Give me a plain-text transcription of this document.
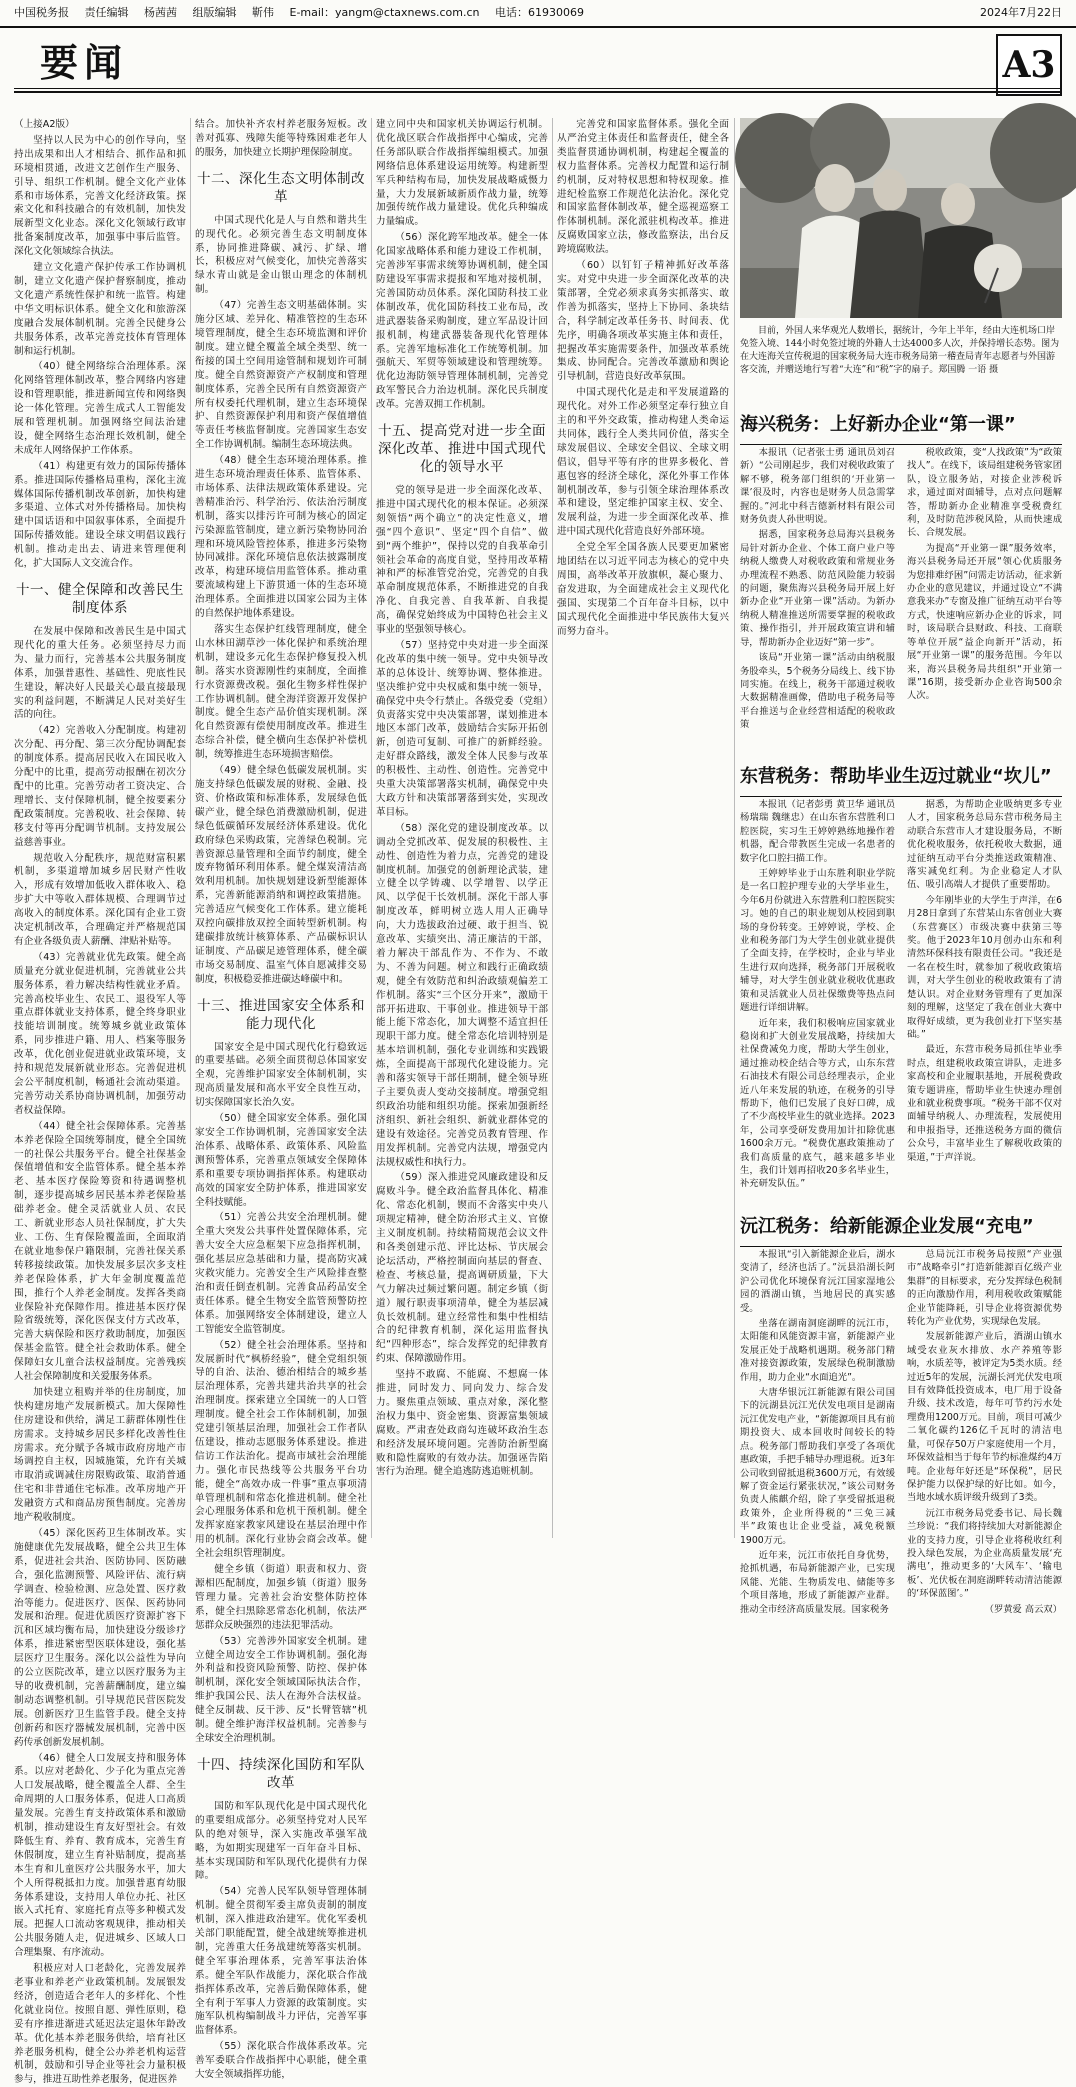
中国税务报 责任编辑 杨茜茜 组版编辑 靳伟 E-mail：yangm@ctaxnews.com.cn 电话：61930069	2024年7月22日
要闻	A3

（上接A2版）

坚持以人民为中心的创作导向，坚持出成果和出人才相结合、抓作品和抓环境相贯通，改进文艺创作生产服务、引导、组织工作机制。健全文化产业体系和市场体系，完善文化经济政策。探索文化和科技融合的有效机制，加快发展新型文化业态。深化文化领域行政审批备案制度改革，加强事中事后监管。深化文化领域综合执法。

建立文化遗产保护传承工作协调机制，建立文化遗产保护督察制度，推动文化遗产系统性保护和统一监管。构建中华文明标识体系。健全文化和旅游深度融合发展体制机制。完善全民健身公共服务体系，改革完善竞技体育管理体制和运行机制。

（40）健全网络综合治理体系。深化网络管理体制改革，整合网络内容建设和管理职能，推进新闻宣传和网络舆论一体化管理。完善生成式人工智能发展和管理机制。加强网络空间法治建设，健全网络生态治理长效机制，健全未成年人网络保护工作体系。

（41）构建更有效力的国际传播体系。推进国际传播格局重构，深化主流媒体国际传播机制改革创新，加快构建多渠道、立体式对外传播格局。加快构建中国话语和中国叙事体系，全面提升国际传播效能。建设全球文明倡议践行机制。推动走出去、请进来管理便利化，扩大国际人文交流合作。

十一、健全保障和改善民生制度体系

在发展中保障和改善民生是中国式现代化的重大任务。必须坚持尽力而为、量力而行，完善基本公共服务制度体系，加强普惠性、基础性、兜底性民生建设，解决好人民最关心最直接最现实的利益问题，不断满足人民对美好生活的向往。

（42）完善收入分配制度。构建初次分配、再分配、第三次分配协调配套的制度体系。提高居民收入在国民收入分配中的比重，提高劳动报酬在初次分配中的比重。完善劳动者工资决定、合理增长、支付保障机制，健全按要素分配政策制度。完善税收、社会保障、转移支付等再分配调节机制。支持发展公益慈善事业。

规范收入分配秩序，规范财富积累机制，多渠道增加城乡居民财产性收入，形成有效增加低收入群体收入、稳步扩大中等收入群体规模、合理调节过高收入的制度体系。深化国有企业工资决定机制改革，合理确定并严格规范国有企业各级负责人薪酬、津贴补贴等。

（43）完善就业优先政策。健全高质量充分就业促进机制，完善就业公共服务体系，着力解决结构性就业矛盾。完善高校毕业生、农民工、退役军人等重点群体就业支持体系，健全终身职业技能培训制度。统筹城乡就业政策体系，同步推进户籍、用人、档案等服务改革，优化创业促进就业政策环境，支持和规范发展新就业形态。完善促进机会公平制度机制，畅通社会流动渠道。完善劳动关系协商协调机制，加强劳动者权益保障。

（44）健全社会保障体系。完善基本养老保险全国统筹制度，健全全国统一的社保公共服务平台。健全社保基金保值增值和安全监管体系。健全基本养老、基本医疗保险筹资和待遇调整机制，逐步提高城乡居民基本养老保险基础养老金。健全灵活就业人员、农民工、新就业形态人员社保制度，扩大失业、工伤、生育保险覆盖面，全面取消在就业地参保户籍限制，完善社保关系转移接续政策。加快发展多层次多支柱养老保险体系，扩大年金制度覆盖范围，推行个人养老金制度。发挥各类商业保险补充保障作用。推进基本医疗保险省级统筹，深化医保支付方式改革，完善大病保险和医疗救助制度，加强医保基金监管。健全社会救助体系。健全保障妇女儿童合法权益制度。完善残疾人社会保障制度和关爱服务体系。

加快建立租购并举的住房制度，加快构建房地产发展新模式。加大保障性住房建设和供给，满足工薪群体刚性住房需求。支持城乡居民多样化改善性住房需求。充分赋予各城市政府房地产市场调控自主权，因城施策，允许有关城市取消或调减住房限购政策、取消普通住宅和非普通住宅标准。改革房地产开发融资方式和商品房预售制度。完善房地产税收制度。

（45）深化医药卫生体制改革。实施健康优先发展战略，健全公共卫生体系，促进社会共治、医防协同、医防融合，强化监测预警、风险评估、流行病学调查、检验检测、应急处置、医疗救治等能力。促进医疗、医保、医药协同发展和治理。促进优质医疗资源扩容下沉和区域均衡布局，加快建设分级诊疗体系，推进紧密型医联体建设，强化基层医疗卫生服务。深化以公益性为导向的公立医院改革，建立以医疗服务为主导的收费机制，完善薪酬制度，建立编制动态调整机制。引导规范民营医院发展。创新医疗卫生监管手段。健全支持创新药和医疗器械发展机制，完善中医药传承创新发展机制。

（46）健全人口发展支持和服务体系。以应对老龄化、少子化为重点完善人口发展战略，健全覆盖全人群、全生命周期的人口服务体系，促进人口高质量发展。完善生育支持政策体系和激励机制，推动建设生育友好型社会。有效降低生育、养育、教育成本，完善生育休假制度，建立生育补贴制度，提高基本生育和儿童医疗公共服务水平，加大个人所得税抵扣力度。加强普惠育幼服务体系建设，支持用人单位办托、社区嵌入式托育、家庭托育点等多种模式发展。把握人口流动客观规律，推动相关公共服务随人走，促进城乡、区域人口合理集聚、有序流动。

积极应对人口老龄化，完善发展养老事业和养老产业政策机制。发展银发经济，创造适合老年人的多样化、个性化就业岗位。按照自愿、弹性原则，稳妥有序推进渐进式延迟法定退休年龄改革。优化基本养老服务供给，培育社区养老服务机构，健全公办养老机构运营机制，鼓励和引导企业等社会力量积极参与，推进互助性养老服务，促进医养

结合。加快补齐农村养老服务短板。改善对孤寡、残障失能等特殊困难老年人的服务，加快建立长期护理保险制度。

十二、深化生态文明体制改革

中国式现代化是人与自然和谐共生的现代化。必须完善生态文明制度体系，协同推进降碳、减污、扩绿、增长，积极应对气候变化，加快完善落实绿水青山就是金山银山理念的体制机制。

（47）完善生态文明基础体制。实施分区域、差异化、精准管控的生态环境管理制度，健全生态环境监测和评价制度。建立健全覆盖全域全类型、统一衔接的国土空间用途管制和规划许可制度。健全自然资源资产产权制度和管理制度体系，完善全民所有自然资源资产所有权委托代理机制，建立生态环境保护、自然资源保护利用和资产保值增值等责任考核监督制度。完善国家生态安全工作协调机制。编制生态环境法典。

（48）健全生态环境治理体系。推进生态环境治理责任体系、监管体系、市场体系、法律法规政策体系建设。完善精准治污、科学治污、依法治污制度机制，落实以排污许可制为核心的固定污染源监管制度，建立新污染物协同治理和环境风险管控体系，推进多污染物协同减排。深化环境信息依法披露制度改革，构建环境信用监管体系。推动重要流域构建上下游贯通一体的生态环境治理体系。全面推进以国家公园为主体的自然保护地体系建设。

落实生态保护红线管理制度，健全山水林田湖草沙一体化保护和系统治理机制，建设多元化生态保护修复投入机制。落实水资源刚性约束制度，全面推行水资源费改税。强化生物多样性保护工作协调机制。健全海洋资源开发保护制度。健全生态产品价值实现机制。深化自然资源有偿使用制度改革。推进生态综合补偿，健全横向生态保护补偿机制，统筹推进生态环境损害赔偿。

（49）健全绿色低碳发展机制。实施支持绿色低碳发展的财税、金融、投资、价格政策和标准体系，发展绿色低碳产业，健全绿色消费激励机制，促进绿色低碳循环发展经济体系建设。优化政府绿色采购政策，完善绿色税制。完善资源总量管理和全面节约制度，健全废弃物循环利用体系。健全煤炭清洁高效利用机制。加快规划建设新型能源体系，完善新能源消纳和调控政策措施。完善适应气候变化工作体系。建立能耗双控向碳排放双控全面转型新机制。构建碳排放统计核算体系、产品碳标识认证制度、产品碳足迹管理体系，健全碳市场交易制度、温室气体自愿减排交易制度，积极稳妥推进碳达峰碳中和。

十三、推进国家安全体系和能力现代化

国家安全是中国式现代化行稳致远的重要基础。必须全面贯彻总体国家安全观，完善维护国家安全体制机制，实现高质量发展和高水平安全良性互动，切实保障国家长治久安。

（50）健全国家安全体系。强化国家安全工作协调机制，完善国家安全法治体系、战略体系、政策体系、风险监测预警体系，完善重点领域安全保障体系和重要专项协调指挥体系。构建联动高效的国家安全防护体系，推进国家安全科技赋能。

（51）完善公共安全治理机制。健全重大突发公共事件处置保障体系，完善大安全大应急框架下应急指挥机制，强化基层应急基础和力量，提高防灾减灾救灾能力。完善安全生产风险排查整治和责任倒查机制。完善食品药品安全责任体系。健全生物安全监管预警防控体系。加强网络安全体制建设，建立人工智能安全监管制度。

（52）健全社会治理体系。坚持和发展新时代“枫桥经验”，健全党组织领导的自治、法治、德治相结合的城乡基层治理体系，完善共建共治共享的社会治理制度。探索建立全国统一的人口管理制度。健全社会工作体制机制，加强党建引领基层治理，加强社会工作者队伍建设，推动志愿服务体系建设。推进信访工作法治化。提高市域社会治理能力。强化市民热线等公共服务平台功能，健全“高效办成一件事”重点事项清单管理机制和常态化推进机制。健全社会心理服务体系和危机干预机制。健全发挥家庭家教家风建设在基层治理中作用的机制。深化行业协会商会改革。健全社会组织管理制度。

健全乡镇（街道）职责和权力、资源相匹配制度，加强乡镇（街道）服务管理力量。完善社会治安整体防控体系，健全扫黑除恶常态化机制，依法严惩群众反映强烈的违法犯罪活动。

（53）完善涉外国家安全机制。建立健全周边安全工作协调机制。强化海外利益和投资风险预警、防控、保护体制机制，深化安全领域国际执法合作，维护我国公民、法人在海外合法权益。健全反制裁、反干涉、反“长臂管辖”机制。健全维护海洋权益机制。完善参与全球安全治理机制。

十四、持续深化国防和军队改革

国防和军队现代化是中国式现代化的重要组成部分。必须坚持党对人民军队的绝对领导，深入实施改革强军战略，为如期实现建军一百年奋斗目标、基本实现国防和军队现代化提供有力保障。

（54）完善人民军队领导管理体制机制。健全贯彻军委主席负责制的制度机制，深入推进政治建军。优化军委机关部门职能配置，健全战建统筹推进机制，完善重大任务战建统筹落实机制。健全军事治理体系，完善军事法治体系。健全军队作战能力，深化联合作战指挥体系改革，完善后勤保障体系，健全有利于军事人力资源的政策制度。实施军队机构编制战斗力评估，完善军事监督体系。

（55）深化联合作战体系改革。完善军委联合作战指挥中心职能，健全重大安全领域指挥功能，

建立同中央和国家机关协调运行机制。优化战区联合作战指挥中心编成，完善任务部队联合作战指挥编组模式。加强网络信息体系建设运用统筹。构建新型军兵种结构布局，加快发展战略威慑力量，大力发展新域新质作战力量，统筹加强传统作战力量建设。优化兵种编成力量编成。

（56）深化跨军地改革。健全一体化国家战略体系和能力建设工作机制，完善涉军事需求统筹协调机制，健全国防建设军事需求提报和军地对接机制，完善国防动员体系。深化国防科技工业体制改革，优化国防科技工业布局，改进武器装备采购制度，建立军品设计回报机制，构建武器装备现代化管理体系。完善军地标准化工作统筹机制。加强航天、军贸等领域建设和管理统筹。优化边海防领导管理体制机制，完善党政军警民合力治边机制。深化民兵制度改革。完善双拥工作机制。

十五、提高党对进一步全面深化改革、推进中国式现代化的领导水平

党的领导是进一步全面深化改革、推进中国式现代化的根本保证。必须深刻领悟“两个确立”的决定性意义，增强“四个意识”、坚定“四个自信”、做到“两个维护”，保持以党的自我革命引领社会革命的高度自觉，坚持用改革精神和严的标准管党治党，完善党的自我革命制度规范体系，不断推进党的自我净化、自我完善、自我革新、自我提高，确保党始终成为中国特色社会主义事业的坚强领导核心。

（57）坚持党中央对进一步全面深化改革的集中统一领导。党中央领导改革的总体设计、统筹协调、整体推进。坚决维护党中央权威和集中统一领导，确保党中央令行禁止。各级党委（党组）负责落实党中央决策部署，谋划推进本地区本部门改革，鼓励结合实际开拓创新，创造可复制、可推广的新鲜经验。走好群众路线，激发全体人民参与改革的积极性、主动性、创造性。完善党中央重大决策部署落实机制，确保党中央大政方针和决策部署落到实处，实现改革目标。

（58）深化党的建设制度改革。以调动全党抓改革、促发展的积极性、主动性、创造性为着力点，完善党的建设制度机制。加强党的创新理论武装，建立健全以学铸魂、以学增智、以学正风、以学促干长效机制。深化干部人事制度改革，鲜明树立选人用人正确导向，大力选拔政治过硬、敢于担当、锐意改革、实绩突出、清正廉洁的干部，着力解决干部乱作为、不作为、不敢为、不善为问题。树立和践行正确政绩观，健全有效防范和纠治政绩观偏差工作机制。落实“三个区分开来”，激励干部开拓进取、干事创业。推进领导干部能上能下常态化，加大调整不适宜担任现职干部力度。健全常态化培训特别是基本培训机制，强化专业训练和实践锻炼，全面提高干部现代化建设能力。完善和落实领导干部任期制，健全领导班子主要负责人变动交接制度。增强党组织政治功能和组织功能。探索加强新经济组织、新社会组织、新就业群体党的建设有效途径。完善党员教育管理、作用发挥机制。完善党内法规，增强党内法规权威性和执行力。

（59）深入推进党风廉政建设和反腐败斗争。健全政治监督具体化、精准化、常态化机制，锲而不舍落实中央八项规定精神，健全防治形式主义、官僚主义制度机制。持续精简规范会议文件和各类创建示范、评比达标、节庆展会论坛活动，严格控制面向基层的督查、检查、考核总量，提高调研质量，下大气力解决过频过繁问题。制定乡镇（街道）履行职责事项清单，健全为基层减负长效机制。建立经常性和集中性相结合的纪律教育机制，深化运用监督执纪“四种形态”，综合发挥党的纪律教育约束、保障激励作用。

坚持不敢腐、不能腐、不想腐一体推进，同时发力、同向发力、综合发力。聚焦重点领域、重点对象，深化整治权力集中、资金密集、资源富集领域腐败。严肃查处政商勾连破坏政治生态和经济发展环境问题。完善防治新型腐败和隐性腐败的有效办法。加强诬告陷害行为治理。健全追逃防逃追赃机制。

完善党和国家监督体系。强化全面从严治党主体责任和监督责任，健全各类监督贯通协调机制，构建起全覆盖的权力监督体系。完善权力配置和运行制约机制，反对特权思想和特权现象。推进纪检监察工作规范化法治化。深化党和国家监督体制改革，健全巡视巡察工作体制机制。深化派驻机构改革。推进反腐败国家立法，修改监察法，出台反跨境腐败法。

（60）以钉钉子精神抓好改革落实。对党中央进一步全面深化改革的决策部署，全党必须求真务实抓落实、敢作善为抓落实，坚持上下协同、条块结合，科学制定改革任务书、时间表、优先序，明确各项改革实施主体和责任，把握改革实施需要条件，加强改革系统集成、协同配合。完善改革激励和舆论引导机制，营造良好改革氛围。

中国式现代化是走和平发展道路的现代化。对外工作必须坚定奉行独立自主的和平外交政策，推动构建人类命运共同体，践行全人类共同价值，落实全球发展倡议、全球安全倡议、全球文明倡议，倡导平等有序的世界多极化、普惠包容的经济全球化，深化外事工作体制机制改革，参与引领全球治理体系改革和建设，坚定维护国家主权、安全、发展利益，为进一步全面深化改革、推进中国式现代化营造良好外部环境。

全党全军全国各族人民要更加紧密地团结在以习近平同志为核心的党中央周围，高举改革开放旗帜，凝心聚力、奋发进取，为全面建成社会主义现代化强国、实现第二个百年奋斗目标，以中国式现代化全面推进中华民族伟大复兴而努力奋斗。

目前，外国人来华观光人数增长，据统计，今年上半年，经由大连机场口岸免签入境、144小时免签过境的外籍人士达4000多人次，并保持增长态势。图为在大连海关宣传税退的国家税务局大连市税务局第一稽查局青年志愿者与外国游客交流，并赠送地行写着“大连”和“税”字的扇子。郑国腾 一语 摄
海兴税务：上好新办企业“第一课”

本报讯（记者张士勇 通讯员刘召新）“公司刚起步，我们对税收政策了解不够，税务部门组织的‘开业第一课’很及时，内容也是财务人员急需掌握的。”河北中科吉德新材料有限公司财务负责人孙世明说。

据悉，国家税务总局海兴县税务局针对新办企业、个体工商户业户等纳税人缴费人对税收政策和常规业务办理流程不熟悉、防范风险能力较弱的问题，聚焦海兴县税务局开展上好新办企业“开业第一课”活动。为新办纳税人精准推送所需要掌握的税收政策、操作指引，并开展政策宣讲和辅导，帮助新办企业迈好“第一步”。

该局“开业第一课”活动由纳税服务股牵头，5个税务分局线上、线下协同实施。在线上，税务干部通过税收大数据精准画像，借助电子税务局等平台推送与企业经营相适配的税收政策

税收政策，变“人找政策”为“政策找人”。在线下，该局组建税务管家团队，设立服务站，对接企业涉税诉求，通过面对面辅导，点对点问题解答，帮助新办企业精准享受税费红利，及时防范涉税风险，从而快速成长、合规发展。

为提高“开业第一课”服务效率，海兴县税务局还开展“领心优质服务 为您排难纾困”问需走访活动，征求新办企业的意见建议，并通过设立“不满意我来办”专窗及推广征纳互动平台等方式，快速响应新办企业的诉求，同时，该局联合县财政、科技、工商联等单位开展“益企向新开”活动，拓展“开业第一课”的服务范围。今年以来，海兴县税务局共组织“开业第一课”16期，接受新办企业咨询500余人次。

东营税务：帮助毕业生迈过就业“坎儿”

本报讯（记者彭勇 黄卫华 通讯员杨瑞瑞 魏继忠）在山东省东营胜利口腔医院，实习生王婷婷熟练地操作着机器，配合带教医生完成一名患者的数字化口腔扫描工作。

王婷婷毕业于山东胜利职业学院是一名口腔护理专业的大学毕业生，今年6月份就进入东营胜利口腔医院实习。她的自己的职业规划从校园到职场的身份转变。王婷婷说，学校、企业和税务部门为大学生创业就业提供了全面支持，在学校时，企业与毕业生进行双向选择，税务部门开展税收辅导，对大学生创业就业税收优惠政策和灵活就业人员社保缴费等热点问题进行详细讲解。

近年来，我们积极响应国家就业稳岗和扩大创业发展战略，持续加大社保费减免力度，帮助大学生创业，通过推动校企结合等方式，山东东营石油技术有限公司总经理表示，企业近八年来发展的轨迹，在税务的引导帮助下，他们已发展了良好口碑，成了不少高校毕业生的就业选择。2023年，公司享受研发费用加计扣除优惠1600余万元。“税费优惠政策推动了我们高质量的底气，越来越多毕业生，我们计划再招收20多名毕业生，补充研发队伍。”

据悉，为帮助企业吸纳更多专业人才，国家税务总局东营市税务局主动联合东营市人才建设服务局，不断优化税收服务，依托税收大数据，通过征纳互动平台分类推送政策精准、落实减免红利。为企业稳定人才队伍、吸引高端人才提供了重要帮助。

今年刚毕业的大学生于声洋，在6月28日拿到了东营某山东省创业大赛（东营赛区）市级决赛中获第三等奖。他于2023年10月创办山东和利清然环保科技有限责任公司。“我还是一名在校生时，就参加了税收政策培训，对大学生创业的税收政策有了清楚认识。对企业财务管理有了更加深刻的理解，这坚定了我在创业大赛中取得好成绩，更为我创业打下坚实基础。”

最近，东营市税务局抓住毕业季时点，组建税收政策宣讲队，走进多家高校和企业履职基地，开展税费政策专题讲座，帮助毕业生快速办理创业和就业税费事项。“税务干部不仅对面辅导纳税人、办理流程，发展使用和申报指导，还推送税务方面的微信公众号，丰富毕业生了解税收政策的渠道，”于声洋说。

沅江税务：给新能源企业发展“充电”

本报讯“引入新能源企业后，湖水变清了，经济也活了。”沅县沿湖长阿沪公司优化环境保育沅江国家湿地公园的酒湖山镇，当地居民的真实感受。

坐落在湖南洞庭湖畔的沅江市，太阳能和风能资源丰富，新能源产业发展正处于战略机遇期。税务部门精准对接资源政策，发展绿色税制激励作用，助力企业“水面追光”。

大唐华银沅江新能源有限公司国下的沅湖县沅江光伏发电项目是湖南沅江优发电产业，“新能源项目具有前期投资大、成本回收时间较长的特点。税务部门帮助我们享受了各项优惠政策，手把手辅导办理退税。近3年公司收到留抵退税3600万元，有效缓解了资金运行紧张状况，”该公司财务负责人熊麒介绍，除了享受留抵退税政策外，企业所得税的“三免三减半”政策也让企业受益，减免税额1900万元。

近年来，沅江市依托自身优势，抢抓机遇，布局新能源产业，已实现风能、光能、生物质发电、储能等多个项目落地，形成了新能源产业群。推动全市经济高质量发展。国家税务

总局沅江市税务局按照“产业强市”战略牵引“打造新能源百亿级产业集群”的目标要求，充分发挥绿色税制的正向激励作用，利用税收政策赋能企业节能降耗，引导企业将资源优势转化为产业优势，实现绿色发展。

发展新能源产业后，酒湖山镇水域受农业灰水排放、水产养殖等影响，水质差等，被评定为5类水质。经过近5年的发展，沅湖长河光伏发电项目有效降低投资成本，电厂用于设备升级、技术改造，每年可节约污水处理费用1200万元。目前，项目可减少二氧化碳约126亿千瓦时的清洁电量，可保存50万户家庭使用一个月，环保效益相当于每年节约标准煤约4万吨。企业每年好还是“环保税”，居民保护能力以保护绿的好比如。如今，当地水域水质评级升级到了3类。

沅江市税务局党委书记、局长魏兰珍说：“我们将持续加大对新能源企业的支持力度，引导企业将税收红利投入绿色发展，为企业高质量发展‘充满电’，推动更多的‘大风车’、‘输电板’、光伏板在洞庭湖畔转动清洁能源的‘环保蓝图’。”

（罗黄爱 高云双）
